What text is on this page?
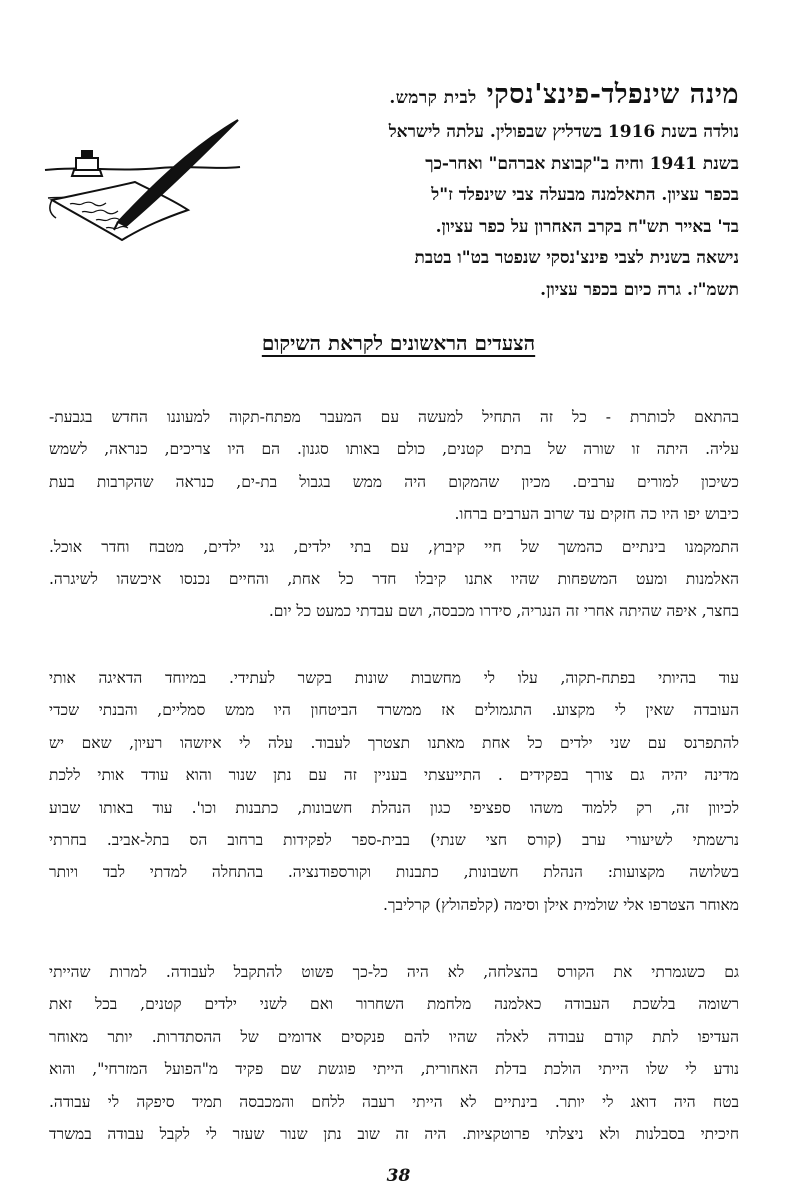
מינה שינפלד-פינצ'נסקי לבית קרמש.
נולדה בשנת 1916 בשדליץ שבפולין. עלתה לישראל
בשנת 1941 וחיה ב"קבוצת אברהם" ואחר-כך
בכפר עציון. התאלמנה מבעלה צבי שינפלד ז"ל
בד' באייר תש"ח בקרב האחרון על כפר עציון.
נישאה בשנית לצבי פינצ'נסקי שנפטר בט"ו בטבת
תשמ"ז. גרה כיום בכפר עציון.
הצעדים הראשונים לקראת השיקום
בהתאם לכותרת - כל זה התחיל למעשה עם המעבר מפתח-תקוה למעוננו החדש בגבעת-
עליה. היתה זו שורה של בתים קטנים, כולם באותו סגנון. הם היו צריכים, כנראה, לשמש
כשיכון למורים ערבים. מכיון שהמקום היה ממש בגבול בת-ים, כנראה שהקרבות בעת
כיבוש יפו היו כה חזקים עד שרוב הערבים ברחו.
התמקמנו בינתיים כהמשך של חיי קיבוץ, עם בתי ילדים, גני ילדים, מטבח וחדר אוכל.
האלמנות ומעט המשפחות שהיו אתנו קיבלו חדר כל אחת, והחיים נכנסו איכשהו לשיגרה.
בחצר, איפה שהיתה אחרי זה הנגריה, סידרו מכבסה, ושם עבדתי כמעט כל יום.
עוד בהיותי בפתח-תקוה, עלו לי מחשבות שונות בקשר לעתידי. במיוחד הדאיגה אותי
העובדה שאין לי מקצוע. התגמולים אז ממשרד הביטחון היו ממש סמליים, והבנתי שכדי
להתפרנס עם שני ילדים כל אחת מאתנו תצטרך לעבוד. עלה לי איזשהו רעיון, שאם יש
מדינה יהיה גם צורך בפקידים . התייעצתי בעניין זה עם נתן שנור והוא עודד אותי ללכת
לכיוון זה, רק ללמוד משהו ספציפי כגון הנהלת חשבונות, כתבנות וכו'. עוד באותו שבוע
נרשמתי לשיעורי ערב (קורס חצי שנתי) בבית-ספר לפקידות ברחוב הס בתל-אביב. בחרתי
בשלושה מקצועות: הנהלת חשבונות, כתבנות וקורספודנציה. בהתחלה למדתי לבד ויותר
מאוחר הצטרפו אלי שולמית אילן וסימה (קלפהולץ) קרליבך.
גם כשגמרתי את הקורס בהצלחה, לא היה כל-כך פשוט להתקבל לעבודה. למרות שהייתי
רשומה בלשכת העבודה כאלמנה מלחמת השחרור ואם לשני ילדים קטנים, בכל זאת
העדיפו לתת קודם עבודה לאלה שהיו להם פנקסים אדומים של ההסתדרות. יותר מאוחר
נודע לי שלו הייתי הולכת בדלת האחורית, הייתי פוגשת שם פקיד מ"הפועל המזרחי", והוא
בטח היה דואג לי יותר. בינתיים לא הייתי רעבה ללחם והמכבסה תמיד סיפקה לי עבודה.
חיכיתי בסבלנות ולא ניצלתי פרוטקציות. היה זה שוב נתן שנור שעזר לי לקבל עבודה במשרד
38
